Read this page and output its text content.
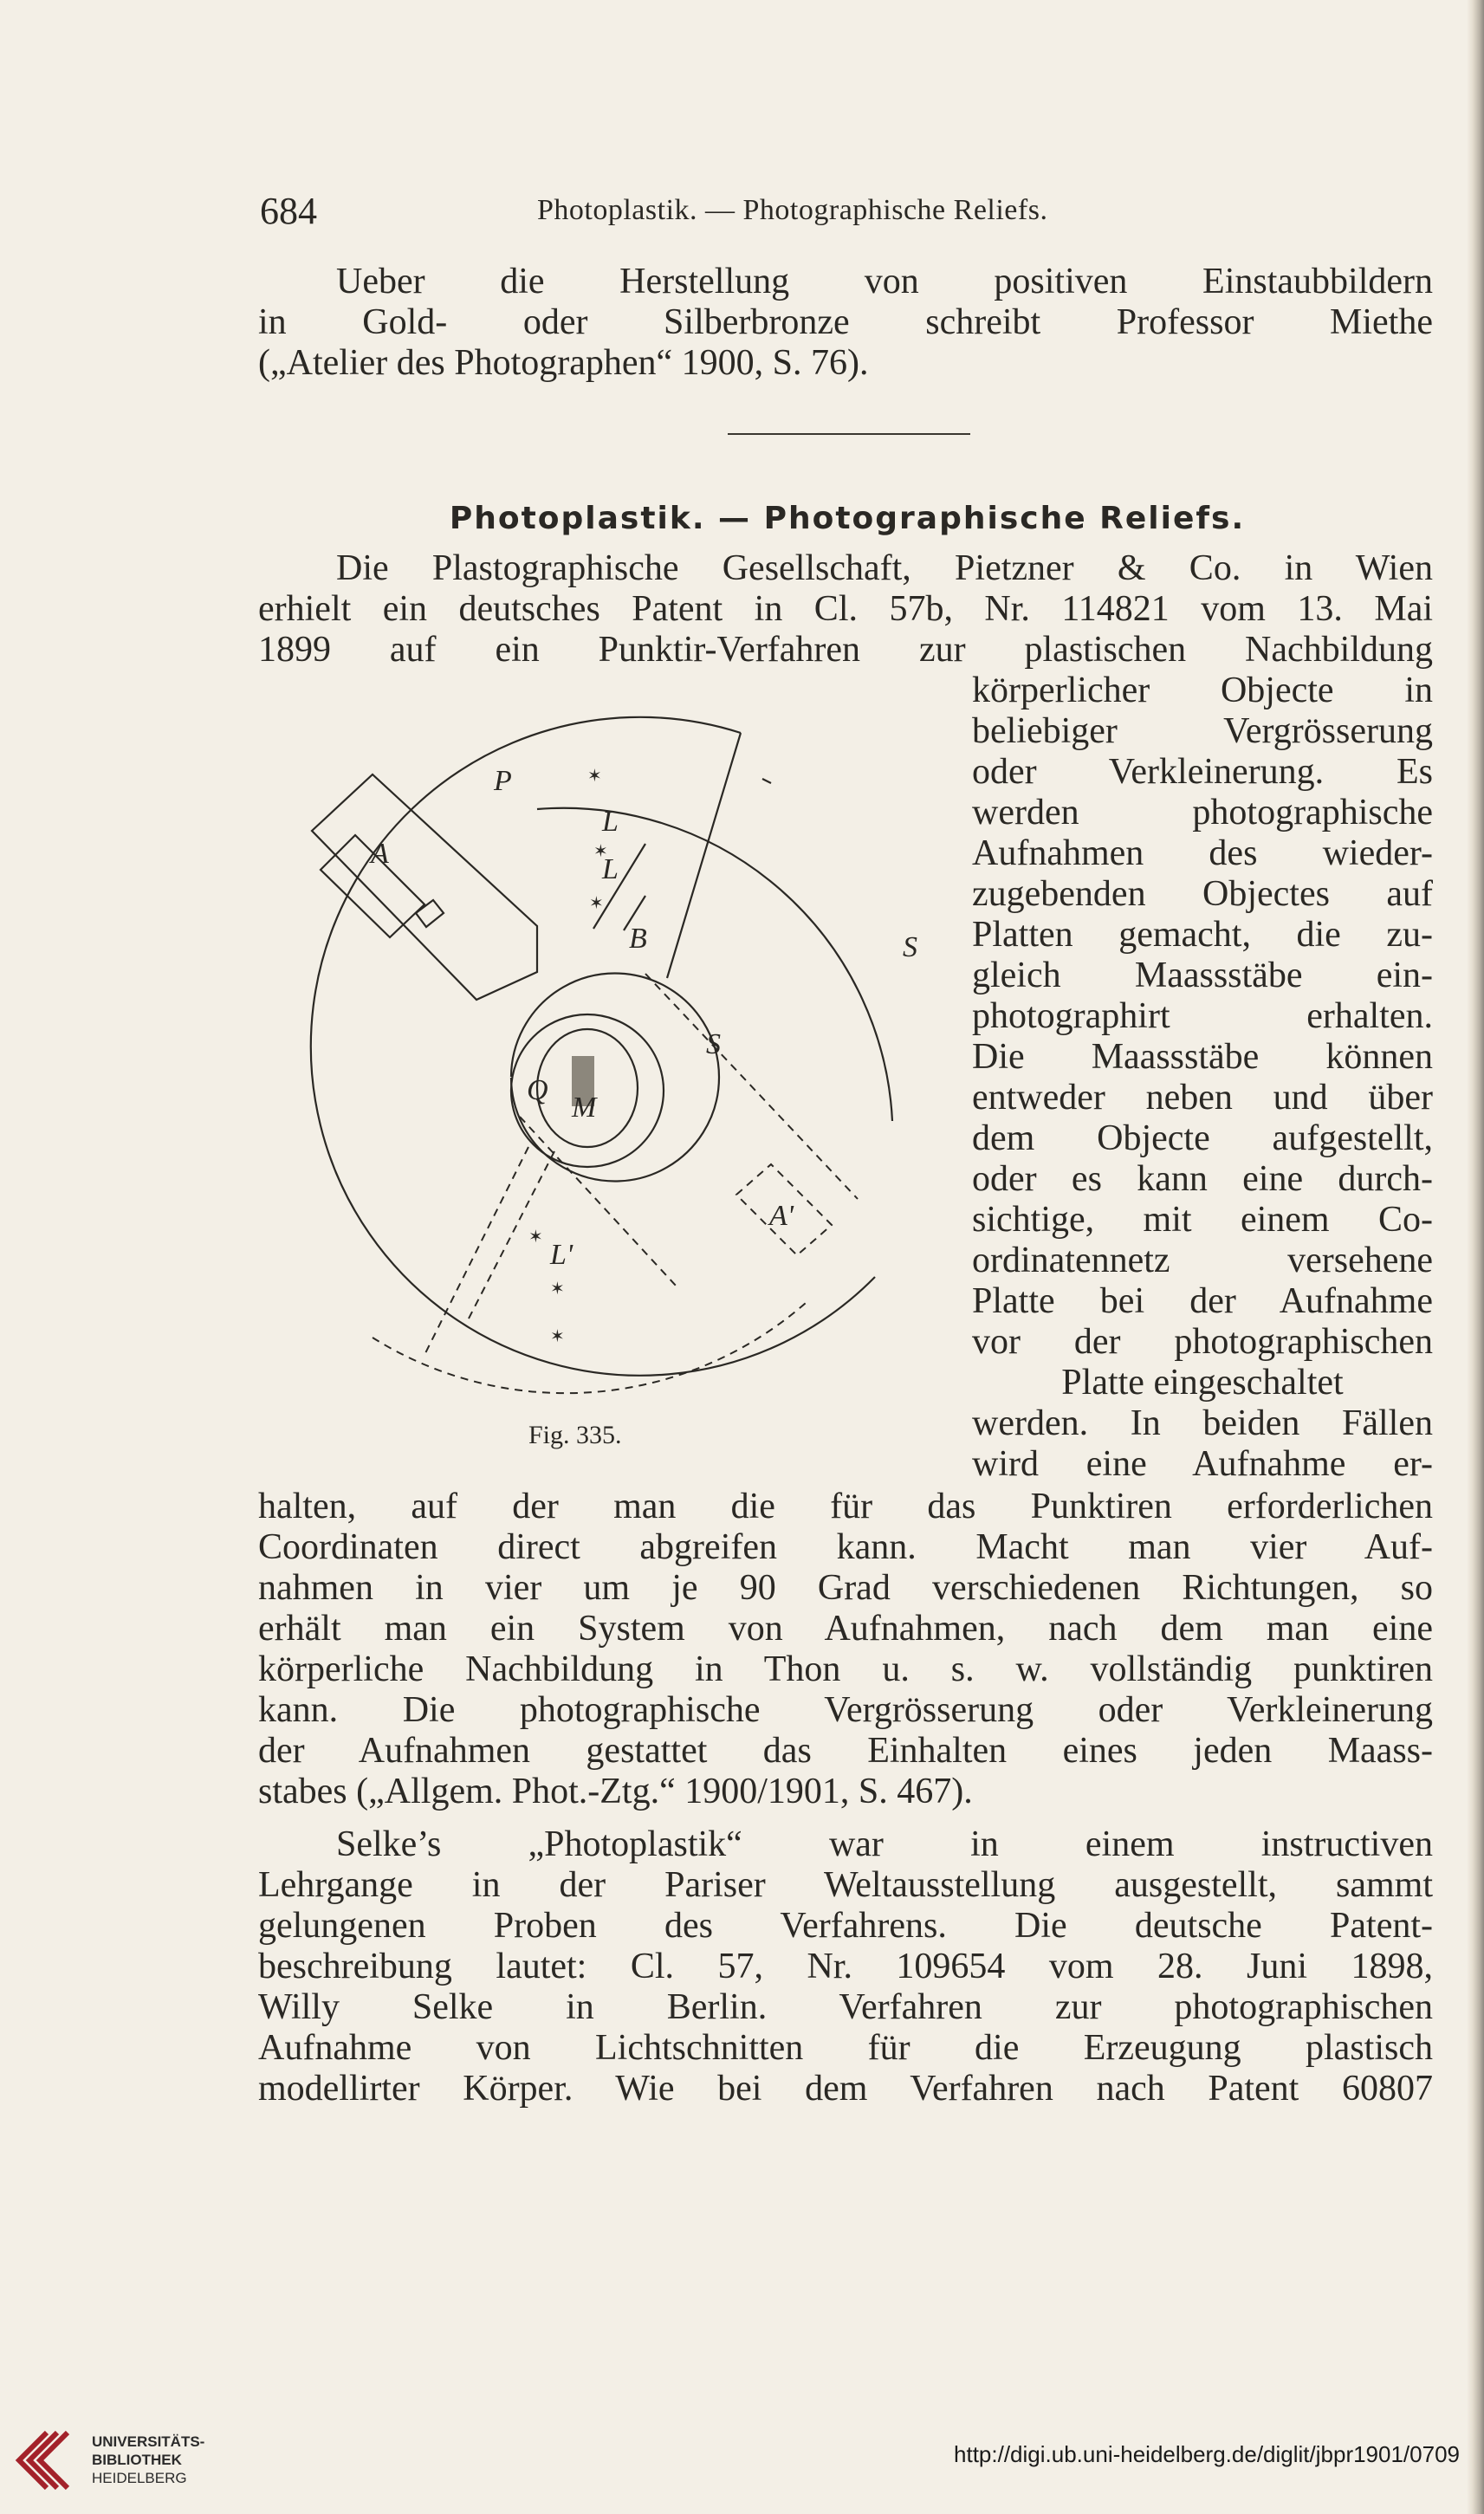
684	Photoplastik. — Photographische Reliefs.
Ueber die Herstellung von positiven Einstaubbildern
in Gold- oder Silberbronze schreibt Professor Miethe
(„Atelier des Photographen“ 1900, S. 76).
Photoplastik. — Photographische Reliefs.
Die Plastographische Gesellschaft, Pietzner & Co. in Wien
erhielt ein deutsches Patent in Cl. 57b, Nr. 114821 vom 13. Mai
1899 auf ein Punktir-Verfahren zur plastischen Nachbildung
körperlicher Objecte in
beliebiger Vergrösserung
oder Verkleinerung. Es
werden photographische
Aufnahmen des wieder-
zugebenden Objectes auf
Platten gemacht, die zu-
gleich Maassstäbe ein-
photographirt erhalten.
Die Maassstäbe können
entweder neben und über
dem Objecte aufgestellt,
oder es kann eine durch-
sichtige, mit einem Co-
ordinatennetz versehene
Platte bei der Aufnahme
vor der photographischen
Platte eingeschaltet
werden. In beiden Fällen
wird eine Aufnahme er-
P
L
L
A
B	S
S
Q
M
L'
A'
✶
✶
✶
✶
✶
✶
Fig. 335.
halten, auf der man die für das Punktiren erforderlichen
Coordinaten direct abgreifen kann. Macht man vier Auf-
nahmen in vier um je 90 Grad verschiedenen Richtungen, so
erhält man ein System von Aufnahmen, nach dem man eine
körperliche Nachbildung in Thon u. s. w. vollständig punktiren
kann. Die photographische Vergrösserung oder Verkleinerung
der Aufnahmen gestattet das Einhalten eines jeden Maass-
stabes („Allgem. Phot.-Ztg.“ 1900/1901, S. 467).
Selke’s „Photoplastik“ war in einem instructiven
Lehrgange in der Pariser Weltausstellung ausgestellt, sammt
gelungenen Proben des Verfahrens. Die deutsche Patent-
beschreibung lautet: Cl. 57, Nr. 109654 vom 28. Juni 1898,
Willy Selke in Berlin. Verfahren zur photographischen
Aufnahme von Lichtschnitten für die Erzeugung plastisch
modellirter Körper. Wie bei dem Verfahren nach Patent 60807
UNIVERSITÄTS-
BIBLIOTHEK
HEIDELBERG
http://digi.ub.uni-heidelberg.de/diglit/jbpr1901/0709
